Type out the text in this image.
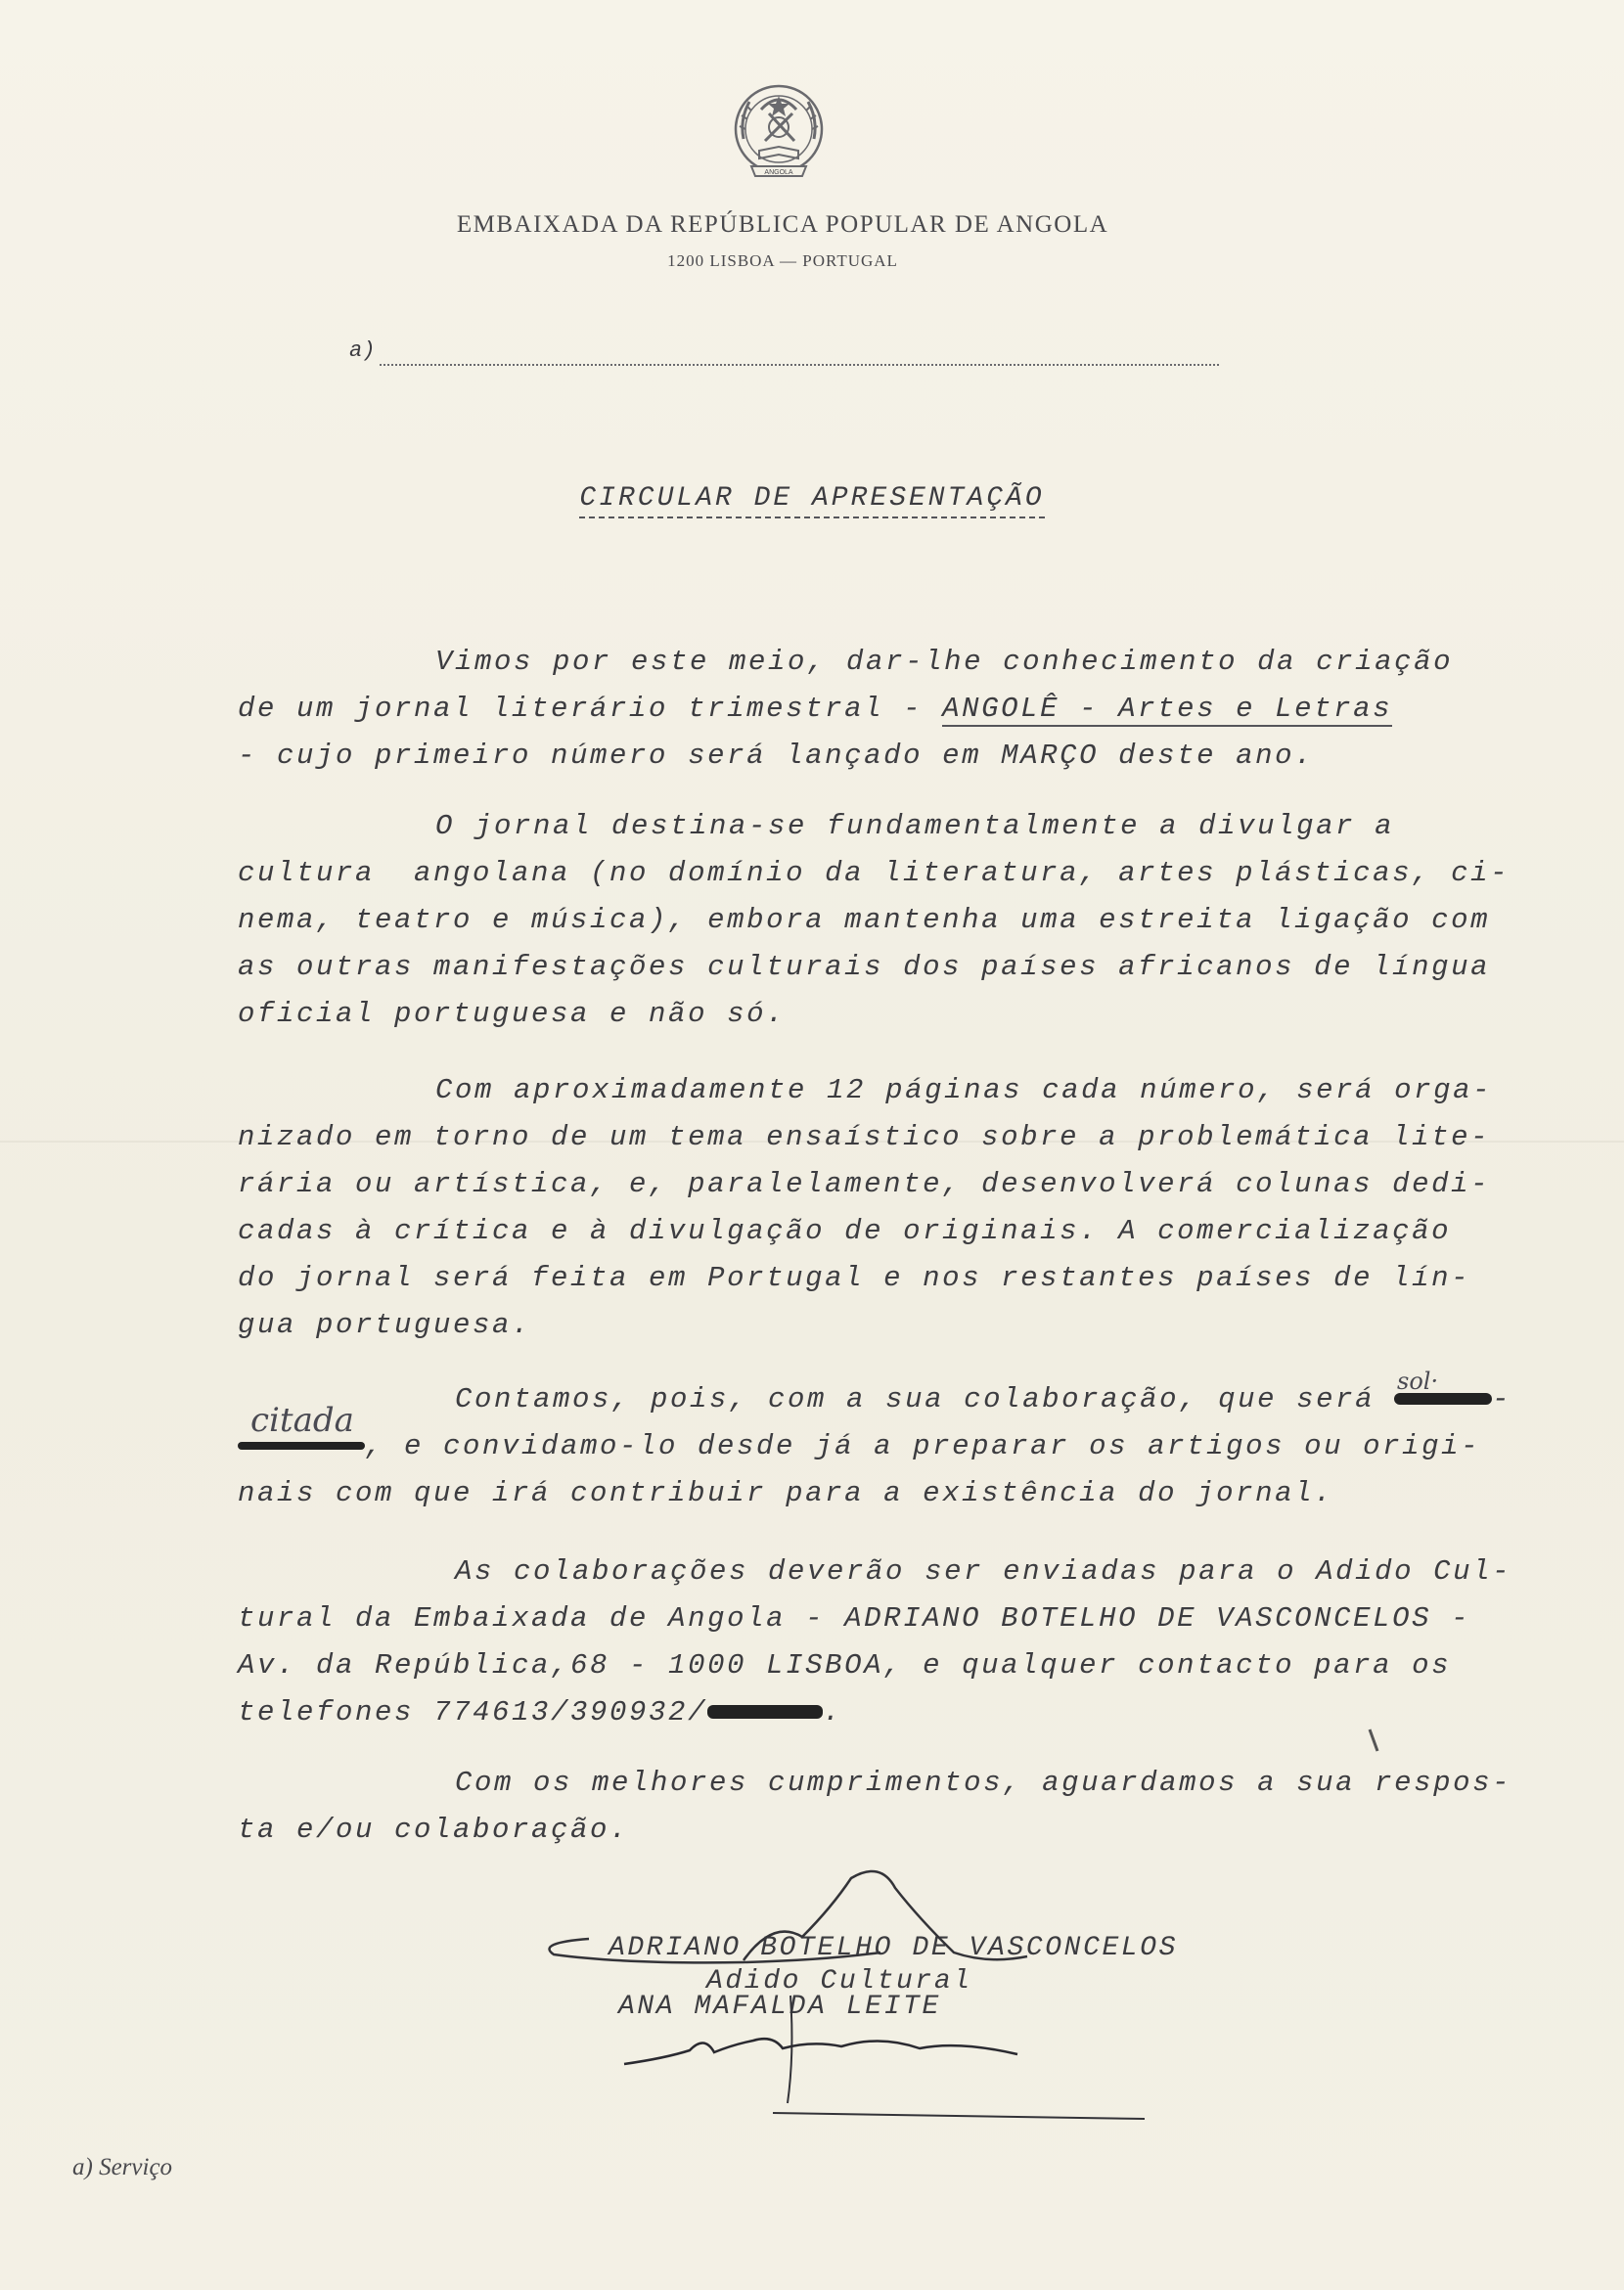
ANGOLA
EMBAIXADA DA REPÚBLICA POPULAR DE ANGOLA
1200 LISBOA — PORTUGAL
a)
CIRCULAR DE APRESENTAÇÃO
Vimos por este meio, dar-lhe conhecimento da criação
de um jornal literário trimestral - ANGOLÊ - Artes e Letras
- cujo primeiro número será lançado em MARÇO deste ano.
O jornal destina-se fundamentalmente a divulgar a
cultura  angolana (no domínio da literatura, artes plásticas, ci-
nema, teatro e música), embora mantenha uma estreita ligação com
as outras manifestações culturais dos países africanos de língua
oficial portuguesa e não só.
Com aproximadamente 12 páginas cada número, será orga-
nizado em torno de um tema ensaístico sobre a problemática lite-
rária ou artística, e, paralelamente, desenvolverá colunas dedi-
cadas à crítica e à divulgação de originais. A comercialização
do jornal será feita em Portugal e nos restantes países de lín-
gua portuguesa.
Contamos, pois, com a sua colaboração, que será	-
, e convidamo-lo desde já a preparar os artigos ou origi-
nais com que irá contribuir para a existência do jornal.
sol·
citada
As colaborações deverão ser enviadas para o Adido Cul-
tural da Embaixada de Angola - ADRIANO BOTELHO DE VASCONCELOS -
Av. da República,68 - 1000 LISBOA, e qualquer contacto para os
telefones 774613/390932/	.
Com os melhores cumprimentos, aguardamos a sua respos-
ta e/ou colaboração.
ADRIANO BOTELHO DE VASCONCELOS
Adido Cultural
ANA MAFALDA LEITE
a) Serviço
